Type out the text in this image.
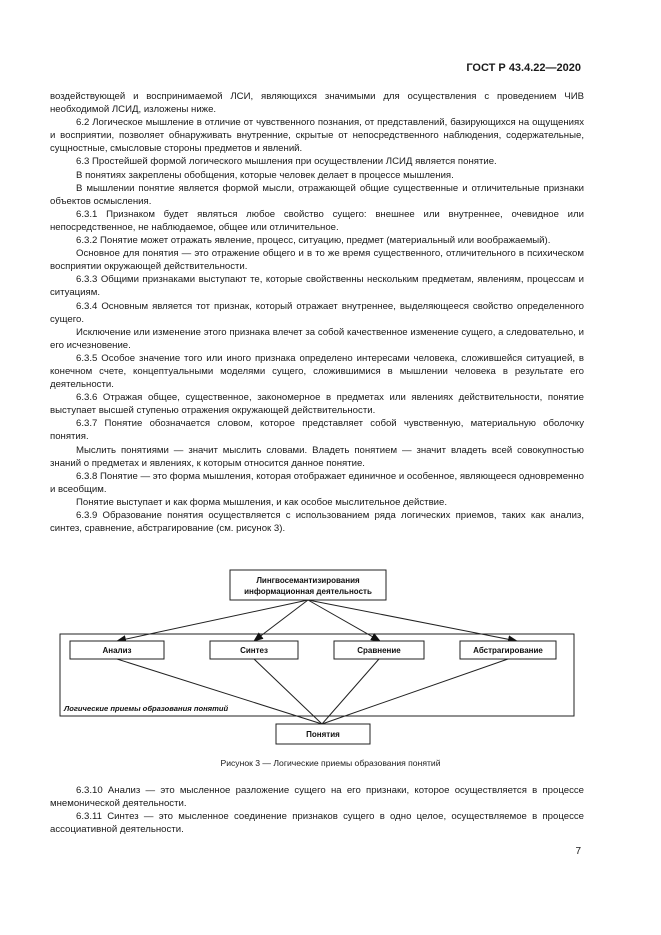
ГОСТ Р 43.4.22—2020

воздействующей и воспринимаемой ЛСИ, являющихся значимыми для осуществления с проведением ЧИВ необходимой ЛСИД, изложены ниже.

6.2 Логическое мышление в отличие от чувственного познания, от представлений, базирующихся на ощущениях и восприятии, позволяет обнаруживать внутренние, скрытые от непосредственного наблюдения, содержательные, сущностные, смысловые стороны предметов и явлений.

6.3 Простейшей формой логического мышления при осуществлении ЛСИД является понятие.

В понятиях закреплены обобщения, которые человек делает в процессе мышления.

В мышлении понятие является формой мысли, отражающей общие существенные и отличительные признаки объектов осмысления.

6.3.1 Признаком будет являться любое свойство сущего: внешнее или внутреннее, очевидное или непосредственное, не наблюдаемое, общее или отличительное.

6.3.2 Понятие может отражать явление, процесс, ситуацию, предмет (материальный или воображаемый).

Основное для понятия — это отражение общего и в то же время существенного, отличительного в психическом восприятии окружающей действительности.

6.3.3 Общими признаками выступают те, которые свойственны нескольким предметам, явлениям, процессам и ситуациям.

6.3.4 Основным является тот признак, который отражает внутреннее, выделяющееся свойство определенного сущего.

Исключение или изменение этого признака влечет за собой качественное изменение сущего, а следовательно, и его исчезновение.

6.3.5 Особое значение того или иного признака определено интересами человека, сложившейся ситуацией, в конечном счете, концептуальными моделями сущего, сложившимися в мышлении человека в результате его деятельности.

6.3.6 Отражая общее, существенное, закономерное в предметах или явлениях действительности, понятие выступает высшей ступенью отражения окружающей действительности.

6.3.7 Понятие обозначается словом, которое представляет собой чувственную, материальную оболочку понятия.

Мыслить понятиями — значит мыслить словами. Владеть понятием — значит владеть всей совокупностью знаний о предметах и явлениях, к которым относится данное понятие.

6.3.8 Понятие — это форма мышления, которая отображает единичное и особенное, являющееся одновременно и всеобщим.

Понятие выступает и как форма мышления, и как особое мыслительное действие.

6.3.9 Образование понятия осуществляется с использованием ряда логических приемов, таких как анализ, синтез, сравнение, абстрагирование (см. рисунок 3).

Лингвосемантизирования
информационная деятельность
Анализ	Синтез	Сравнение	Абстрагирование
Логические приемы образования понятий
Понятия
Рисунок 3 — Логические приемы образования понятий

6.3.10 Анализ — это мысленное разложение сущего на его признаки, которое осуществляется в процессе мнемонической деятельности.

6.3.11 Синтез — это мысленное соединение признаков сущего в одно целое, осуществляемое в процессе ассоциативной деятельности.

7
